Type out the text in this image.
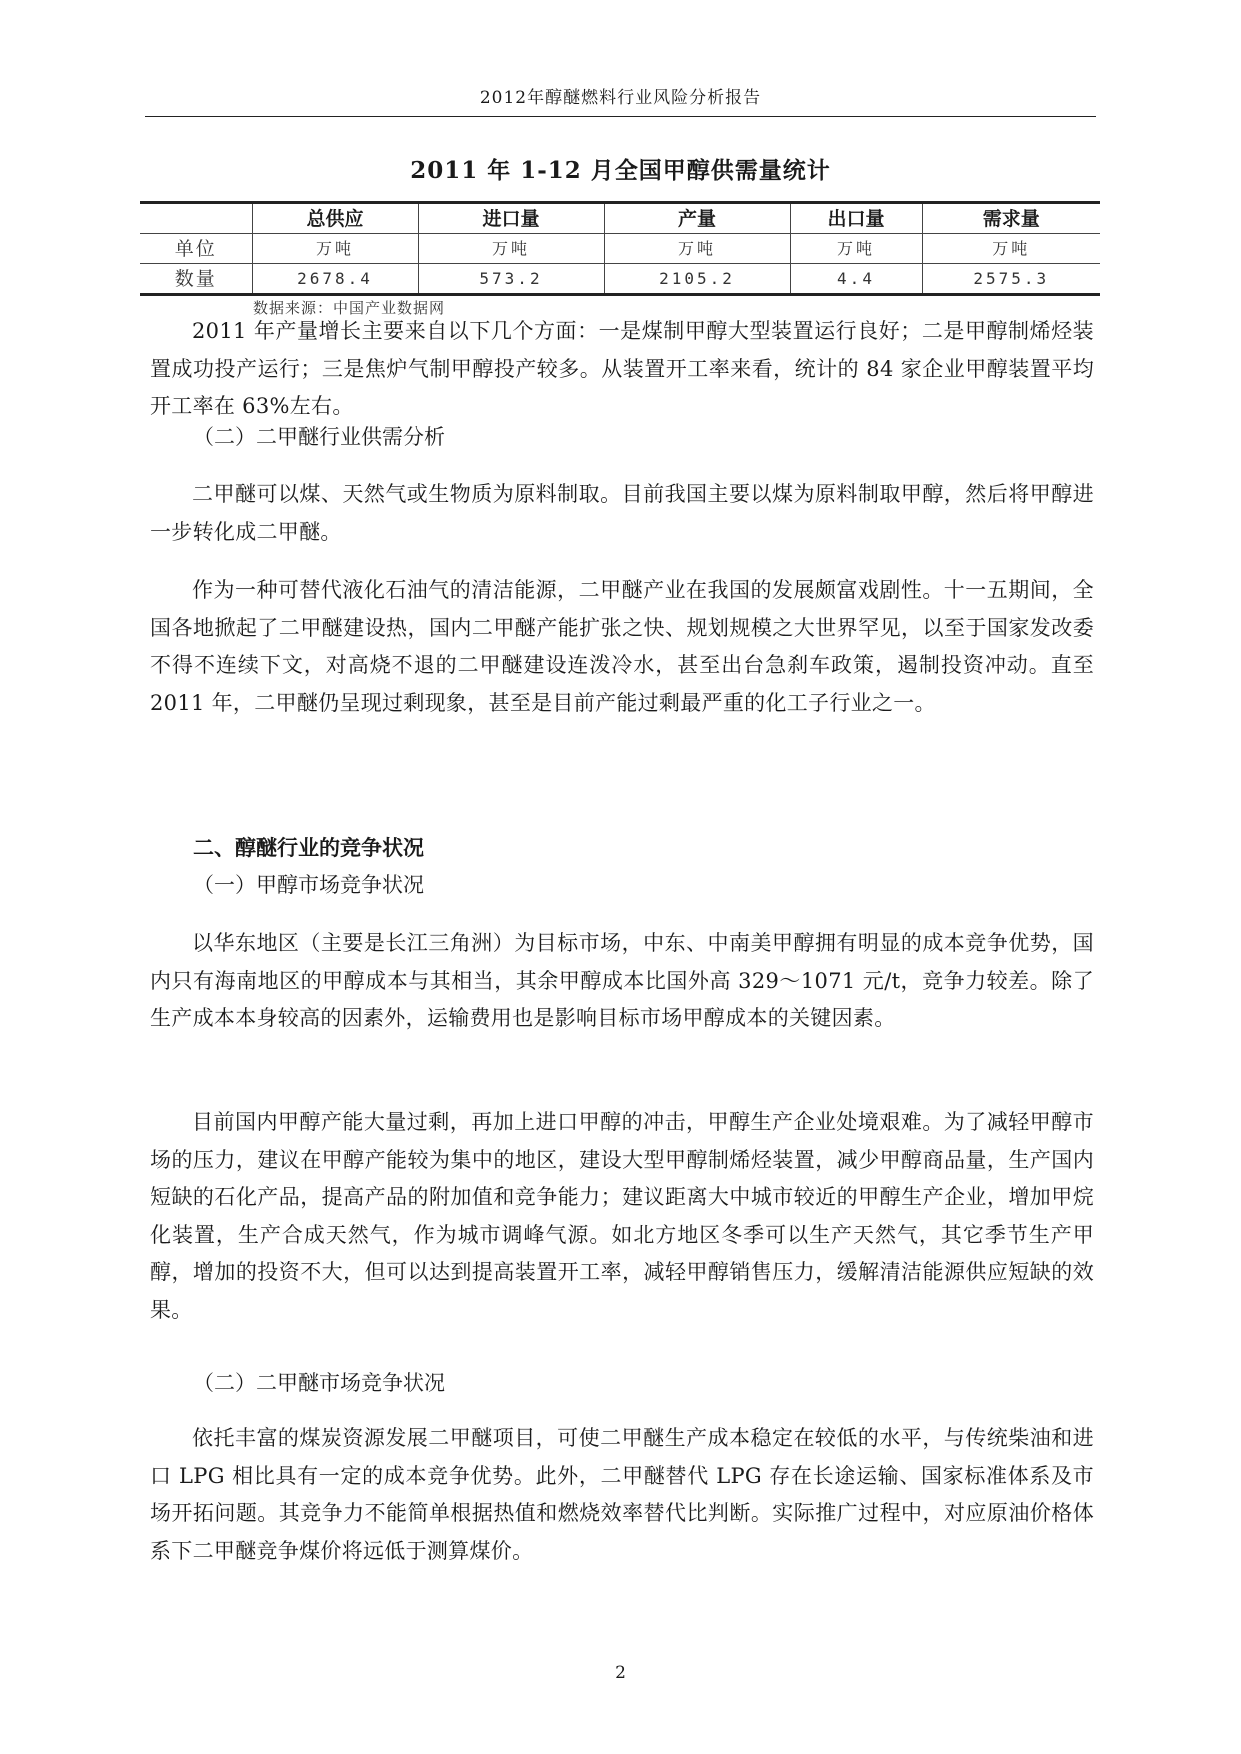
2012年醇醚燃料行业风险分析报告
2011 年 1-12 月全国甲醇供需量统计
	总供应	进口量	产量	出口量	需求量
单位	万吨	万吨	万吨	万吨	万吨
数量	2678.4	573.2	2105.2	4.4	2575.3
数据来源：中国产业数据网

2011 年产量增长主要来自以下几个方面：一是煤制甲醇大型装置运行良好；二是甲醇制烯烃装置成功投产运行；三是焦炉气制甲醇投产较多。从装置开工率来看，统计的 84 家企业甲醇装置平均开工率在 63%左右。

（二）二甲醚行业供需分析

二甲醚可以煤、天然气或生物质为原料制取。目前我国主要以煤为原料制取甲醇，然后将甲醇进一步转化成二甲醚。

作为一种可替代液化石油气的清洁能源，二甲醚产业在我国的发展颇富戏剧性。十一五期间，全国各地掀起了二甲醚建设热，国内二甲醚产能扩张之快、规划规模之大世界罕见，以至于国家发改委不得不连续下文，对高烧不退的二甲醚建设连泼冷水，甚至出台急刹车政策，遏制投资冲动。直至 2011 年，二甲醚仍呈现过剩现象，甚至是目前产能过剩最严重的化工子行业之一。

二、醇醚行业的竞争状况
（一）甲醇市场竞争状况

以华东地区（主要是长江三角洲）为目标市场，中东、中南美甲醇拥有明显的成本竞争优势，国内只有海南地区的甲醇成本与其相当，其余甲醇成本比国外高 329～1071 元/t，竞争力较差。除了生产成本本身较高的因素外，运输费用也是影响目标市场甲醇成本的关键因素。

目前国内甲醇产能大量过剩，再加上进口甲醇的冲击，甲醇生产企业处境艰难。为了减轻甲醇市场的压力，建议在甲醇产能较为集中的地区，建设大型甲醇制烯烃装置，减少甲醇商品量，生产国内短缺的石化产品，提高产品的附加值和竞争能力；建议距离大中城市较近的甲醇生产企业，增加甲烷化装置，生产合成天然气，作为城市调峰气源。如北方地区冬季可以生产天然气，其它季节生产甲醇，增加的投资不大，但可以达到提高装置开工率，减轻甲醇销售压力，缓解清洁能源供应短缺的效果。

（二）二甲醚市场竞争状况

依托丰富的煤炭资源发展二甲醚项目，可使二甲醚生产成本稳定在较低的水平，与传统柴油和进口 LPG 相比具有一定的成本竞争优势。此外，二甲醚替代 LPG 存在长途运输、国家标准体系及市场开拓问题。其竞争力不能简单根据热值和燃烧效率替代比判断。实际推广过程中，对应原油价格体系下二甲醚竞争煤价将远低于测算煤价。

2
